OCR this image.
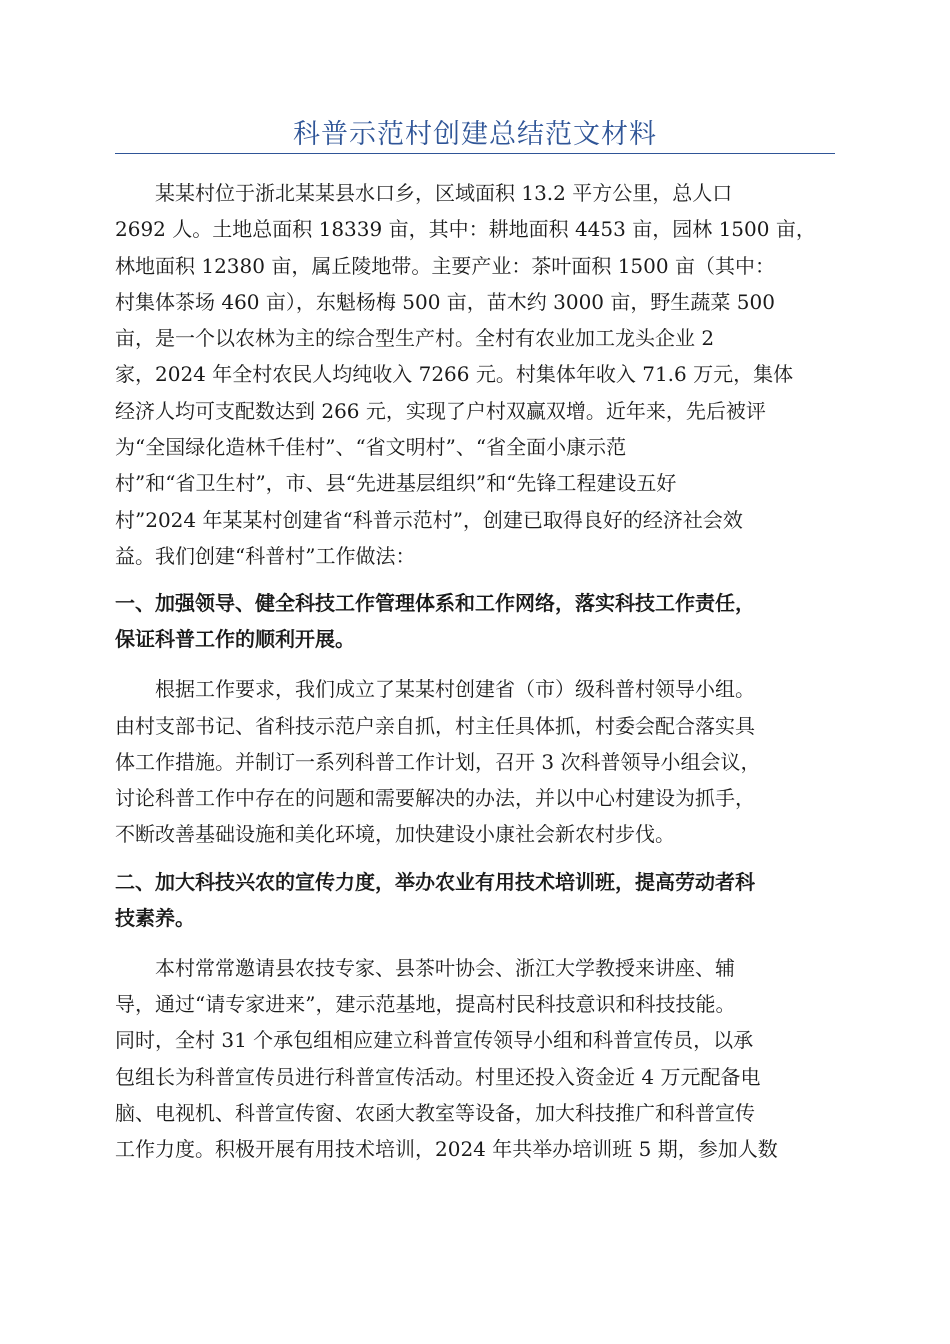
科普示范村创建总结范文材料

某某村位于浙北某某县水口乡，区域面积 13.2 平方公里，总人口
2692 人。土地总面积 18339 亩，其中：耕地面积 4453 亩，园林 1500 亩，
林地面积 12380 亩，属丘陵地带。主要产业：茶叶面积 1500 亩（其中：
村集体茶场 460 亩），东魁杨梅 500 亩，苗木约 3000 亩，野生蔬菜 500
亩，是一个以农林为主的综合型生产村。全村有农业加工龙头企业 2
家，2024 年全村农民人均纯收入 7266 元。村集体年收入 71.6 万元，集体
经济人均可支配数达到 266 元，实现了户村双赢双增。近年来，先后被评
为“全国绿化造林千佳村”、“省文明村”、“省全面小康示范
村”和“省卫生村”，市、县“先进基层组织”和“先锋工程建设五好
村”2024 年某某村创建省“科普示范村”，创建已取得良好的经济社会效
益。我们创建“科普村”工作做法：

一、加强领导、健全科技工作管理体系和工作网络，落实科技工作责任，
保证科普工作的顺利开展。

根据工作要求，我们成立了某某村创建省（市）级科普村领导小组。
由村支部书记、省科技示范户亲自抓，村主任具体抓，村委会配合落实具
体工作措施。并制订一系列科普工作计划，召开 3 次科普领导小组会议，
讨论科普工作中存在的问题和需要解决的办法，并以中心村建设为抓手，
不断改善基础设施和美化环境，加快建设小康社会新农村步伐。

二、加大科技兴农的宣传力度，举办农业有用技术培训班，提高劳动者科
技素养。

本村常常邀请县农技专家、县茶叶协会、浙江大学教授来讲座、辅
导，通过“请专家进来”，建示范基地，提高村民科技意识和科技技能。
同时，全村 31 个承包组相应建立科普宣传领导小组和科普宣传员，以承
包组长为科普宣传员进行科普宣传活动。村里还投入资金近 4 万元配备电
脑、电视机、科普宣传窗、农函大教室等设备，加大科技推广和科普宣传
工作力度。积极开展有用技术培训，2024 年共举办培训班 5 期，参加人数
